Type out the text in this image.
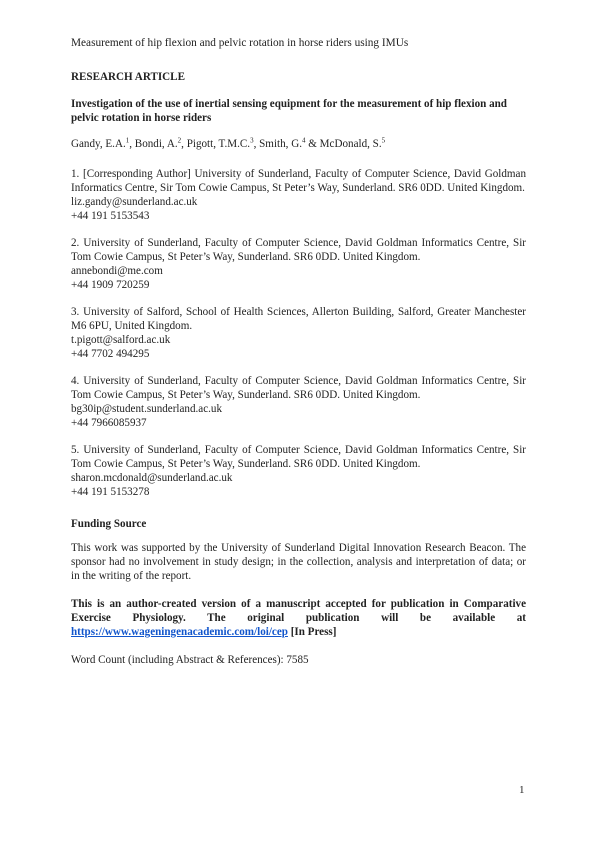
Measurement of hip flexion and pelvic rotation in horse riders using IMUs
RESEARCH ARTICLE
Investigation of the use of inertial sensing equipment for the measurement of hip flexion and pelvic rotation in horse riders
Gandy, E.A.$^1$, Bondi, A.$^2$, Pigott, T.M.C.$^3$, Smith, G.$^4$ & McDonald, S.$^5$
1. [Corresponding Author] University of Sunderland, Faculty of Computer Science, David Goldman Informatics Centre, Sir Tom Cowie Campus, St Peter’s Way, Sunderland. SR6 0DD. United Kingdom.
liz.gandy@sunderland.ac.uk
+44 191 5153543
2. University of Sunderland, Faculty of Computer Science, David Goldman Informatics Centre, Sir Tom Cowie Campus, St Peter’s Way, Sunderland. SR6 0DD. United Kingdom.
annebondi@me.com
+44 1909 720259
3. University of Salford, School of Health Sciences, Allerton Building, Salford, Greater Manchester M6 6PU, United Kingdom.
t.pigott@salford.ac.uk
+44 7702 494295
4. University of Sunderland, Faculty of Computer Science, David Goldman Informatics Centre, Sir Tom Cowie Campus, St Peter’s Way, Sunderland. SR6 0DD. United Kingdom.
bg30ip@student.sunderland.ac.uk
+44 7966085937
5. University of Sunderland, Faculty of Computer Science, David Goldman Informatics Centre, Sir Tom Cowie Campus, St Peter’s Way, Sunderland. SR6 0DD. United Kingdom.
sharon.mcdonald@sunderland.ac.uk
+44 191 5153278
Funding Source
This work was supported by the University of Sunderland Digital Innovation Research Beacon. The sponsor had no involvement in study design; in the collection, analysis and interpretation of data; or in the writing of the report.
This is an author-created version of a manuscript accepted for publication in Comparative Exercise Physiology. The original publication will be available at https://www.wageningenacademic.com/loi/cep [In Press]
Word Count (including Abstract & References): 7585
1
